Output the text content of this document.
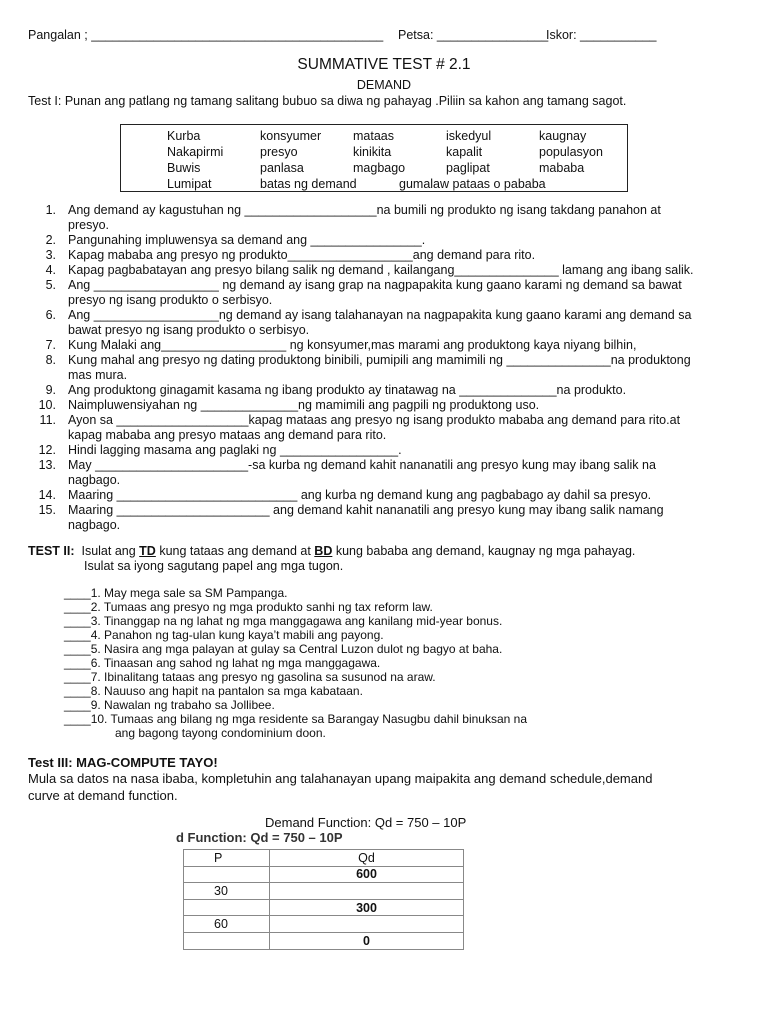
Pangalan ; __________________________________________ Petsa: ________________
Iskor: ___________
SUMMATIVE TEST # 2.1
DEMAND
Test I: Punan ang patlang ng tamang salitang bubuo sa diwa ng pahayag .Piliin sa kahon ang tamang sagot.
Kurba	konsyumer	mataas	iskedyul	kaugnay
Nakapirmi	presyo	kinikita	kapalit	populasyon
Buwis	panlasa	magbago	paglipat	mababa
Lumipat	batas ng demand	gumalaw pataas o pababa
1. Ang demand ay kagustuhan ng ___________________na bumili ng produkto ng isang takdang panahon at
presyo.
2. Pangunahing impluwensya sa demand ang ________________.
3. Kapag mababa ang presyo ng produkto__________________ang demand para rito.
4. Kapag pagbabatayan ang presyo bilang salik ng demand , kailangang_______________ lamang ang ibang salik.
5. Ang __________________ ng demand ay isang grap na nagpapakita kung gaano karami ng demand sa bawat
presyo ng isang produkto o serbisyo.
6. Ang __________________ng demand ay isang talahanayan na nagpapakita kung gaano karami ang demand sa
bawat presyo ng isang produkto o serbisyo.
7. Kung Malaki ang__________________ ng konsyumer,mas marami ang produktong kaya niyang bilhin,
8. Kung mahal ang presyo ng dating produktong binibili, pumipili ang mamimili ng _______________na produktong
mas mura.
9. Ang produktong ginagamit kasama ng ibang produkto ay tinatawag na ______________na produkto.
10. Naimpluwensiyahan ng ______________ng mamimili ang pagpili ng produktong uso.
11. Ayon sa ___________________kapag mataas ang presyo ng isang produkto mababa ang demand para rito.at
kapag mababa ang presyo mataas ang demand para rito.
12. Hindi lagging masama ang paglaki ng _________________.
13. May ______________________-sa kurba ng demand kahit nananatili ang presyo kung may ibang salik na
nagbago.
14. Maaring __________________________ ang kurba ng demand kung ang pagbabago ay dahil sa presyo.
15. Maaring ______________________ ang demand kahit nananatili ang presyo kung may ibang salik namang
nagbago.
TEST II: Isulat ang TD kung tataas ang demand at BD kung bababa ang demand, kaugnay ng mga pahayag.
Isulat sa iyong sagutang papel ang mga tugon.
____1. May mega sale sa SM Pampanga.
____2. Tumaas ang presyo ng mga produkto sanhi ng tax reform law.
____3. Tinanggap na ng lahat ng mga manggagawa ang kanilang mid-year bonus.
____4. Panahon ng tag-ulan kung kaya’t mabili ang payong.
____5. Nasira ang mga palayan at gulay sa Central Luzon dulot ng bagyo at baha.
____6. Tinaasan ang sahod ng lahat ng mga manggagawa.
____7. Ibinalitang tataas ang presyo ng gasolina sa susunod na araw.
____8. Nauuso ang hapit na pantalon sa mga kabataan.
____9. Nawalan ng trabaho sa Jollibee.
____10. Tumaas ang bilang ng mga residente sa Barangay Nasugbu dahil binuksan na
ang bagong tayong condominium doon.
Test III: MAG-COMPUTE TAYO!
Mula sa datos na nasa ibaba, kompletuhin ang talahanayan upang maipakita ang demand schedule,demand
curve at demand function.
Demand Function: Qd = 750 – 10P
d Function: Qd = 750 – 10P
P	Qd
	600
30	
	300
60	
	0
